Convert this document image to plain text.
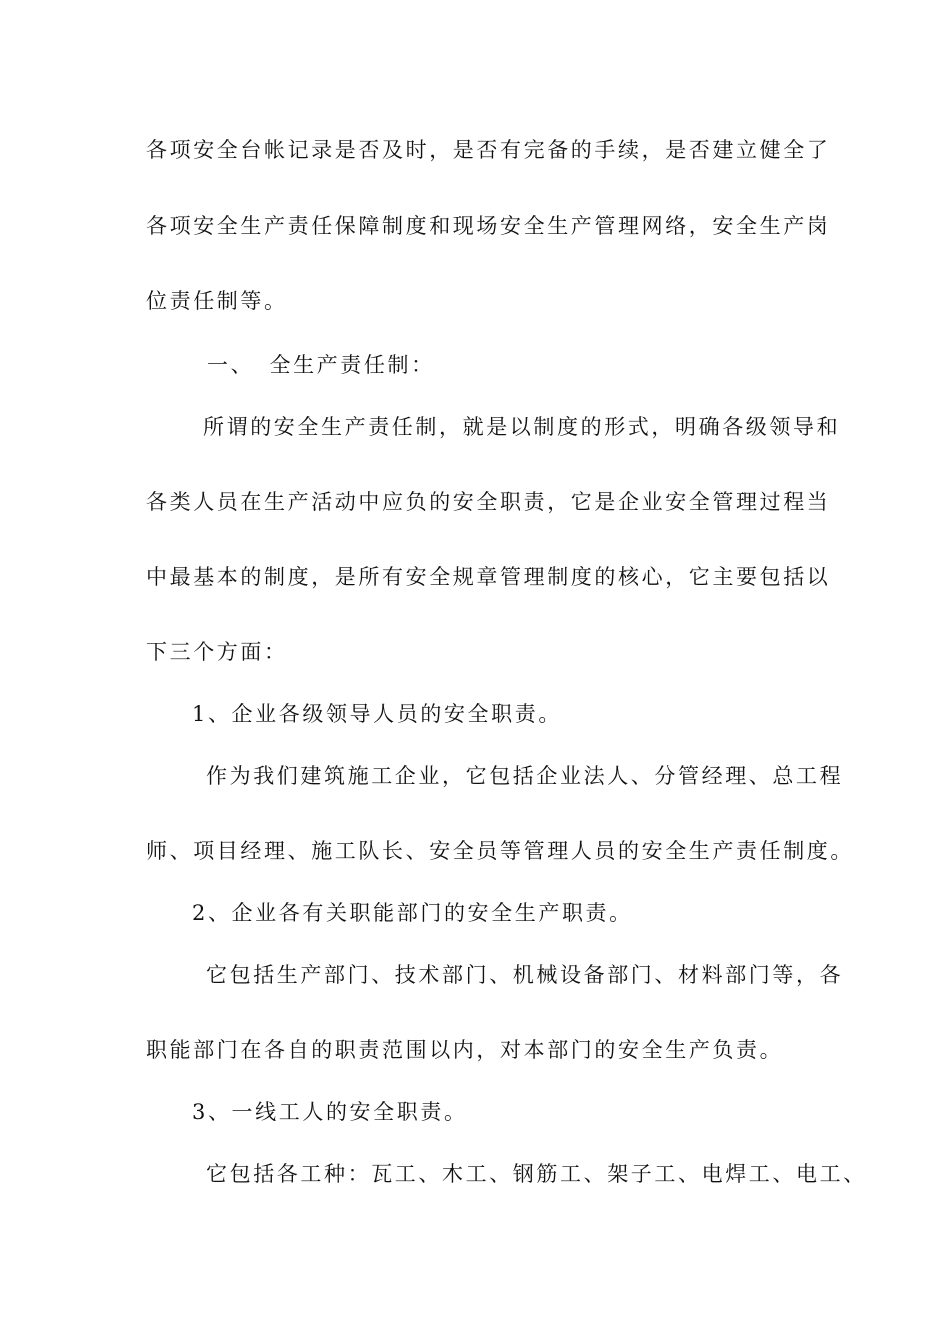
各项安全台帐记录是否及时，是否有完备的手续，是否建立健全了
各项安全生产责任保障制度和现场安全生产管理网络，安全生产岗
位责任制等。
一、 全生产责任制：
所谓的安全生产责任制，就是以制度的形式，明确各级领导和
各类人员在生产活动中应负的安全职责，它是企业安全管理过程当
中最基本的制度，是所有安全规章管理制度的核心，它主要包括以
下三个方面：
1、企业各级领导人员的安全职责。
作为我们建筑施工企业，它包括企业法人、分管经理、总工程
师、项目经理、施工队长、安全员等管理人员的安全生产责任制度。
2、企业各有关职能部门的安全生产职责。
它包括生产部门、技术部门、机械设备部门、材料部门等，各
职能部门在各自的职责范围以内，对本部门的安全生产负责。
3、一线工人的安全职责。
它包括各工种：瓦工、木工、钢筋工、架子工、电焊工、电工、
